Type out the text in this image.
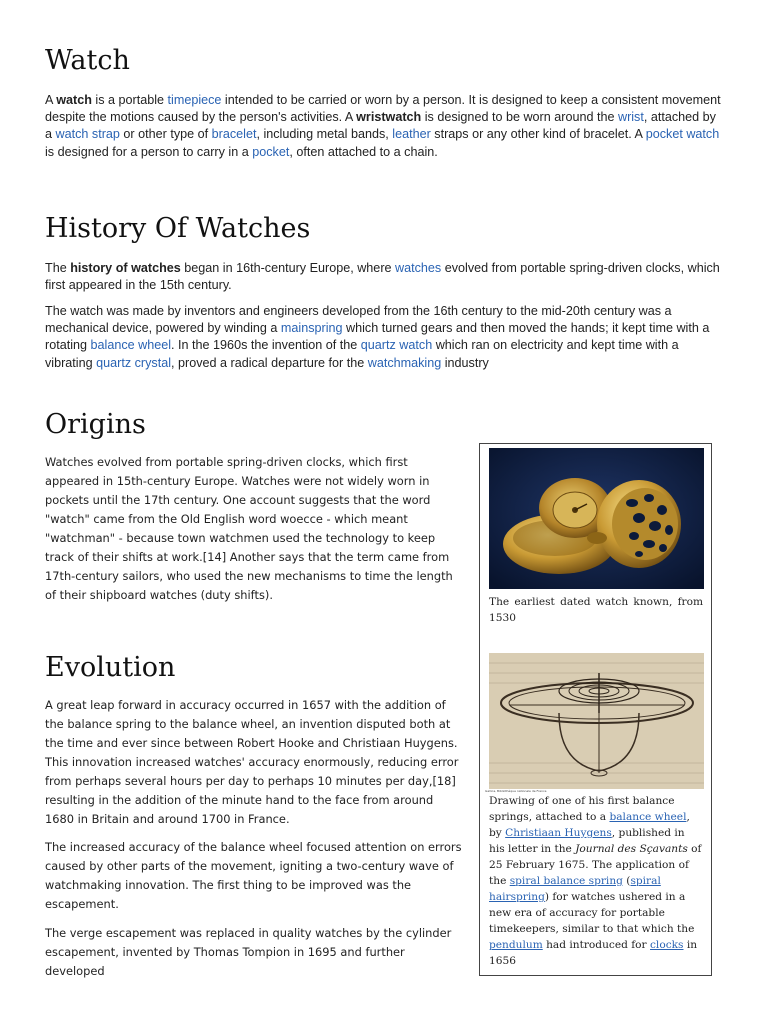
Watch

A watch is a portable timepiece intended to be carried or worn by a person. It is designed to keep a consistent movement despite the motions caused by the person's activities. A wristwatch is designed to be worn around the wrist, attached by a watch strap or other type of bracelet, including metal bands, leather straps or any other kind of bracelet. A pocket watch is designed for a person to carry in a pocket, often attached to a chain.

History Of Watches

The history of watches began in 16th-century Europe, where watches evolved from portable spring-driven clocks, which first appeared in the 15th century.

The watch was made by inventors and engineers developed from the 16th century to the mid-20th century was a mechanical device, powered by winding a mainspring which turned gears and then moved the hands; it kept time with a rotating balance wheel. In the 1960s the invention of the quartz watch which ran on electricity and kept time with a vibrating quartz crystal, proved a radical departure for the watchmaking industry

Origins

Watches evolved from portable spring-driven clocks, which first appeared in 15th-century Europe. Watches were not widely worn in pockets until the 17th century. One account suggests that the word "watch" came from the Old English word woecce - which meant "watchman" - because town watchmen used the technology to keep track of their shifts at work.[14] Another says that the term came from 17th-century sailors, who used the new mechanisms to time the length of their shipboard watches (duty shifts).

Evolution

A great leap forward in accuracy occurred in 1657 with the addition of the balance spring to the balance wheel, an invention disputed both at the time and ever since between Robert Hooke and Christiaan Huygens. This innovation increased watches' accuracy enormously, reducing error from perhaps several hours per day to perhaps 10 minutes per day,[18] resulting in the addition of the minute hand to the face from around 1680 in Britain and around 1700 in France.

The increased accuracy of the balance wheel focused attention on errors caused by other parts of the movement, igniting a two-century wave of watchmaking innovation. The first thing to be improved was the escapement.

The verge escapement was replaced in quality watches by the cylinder escapement, invented by Thomas Tompion in 1695 and further developed

The earliest dated watch known, from 1530

Gallica, Bibliothèque nationale de France

Drawing of one of his first balance springs, attached to a balance wheel, by Christiaan Huygens, published in his letter in the Journal des Sçavants of 25 February 1675. The application of the spiral balance spring (spiral hairspring) for watches ushered in a new era of accuracy for portable timekeepers, similar to that which the pendulum had introduced for clocks in 1656
